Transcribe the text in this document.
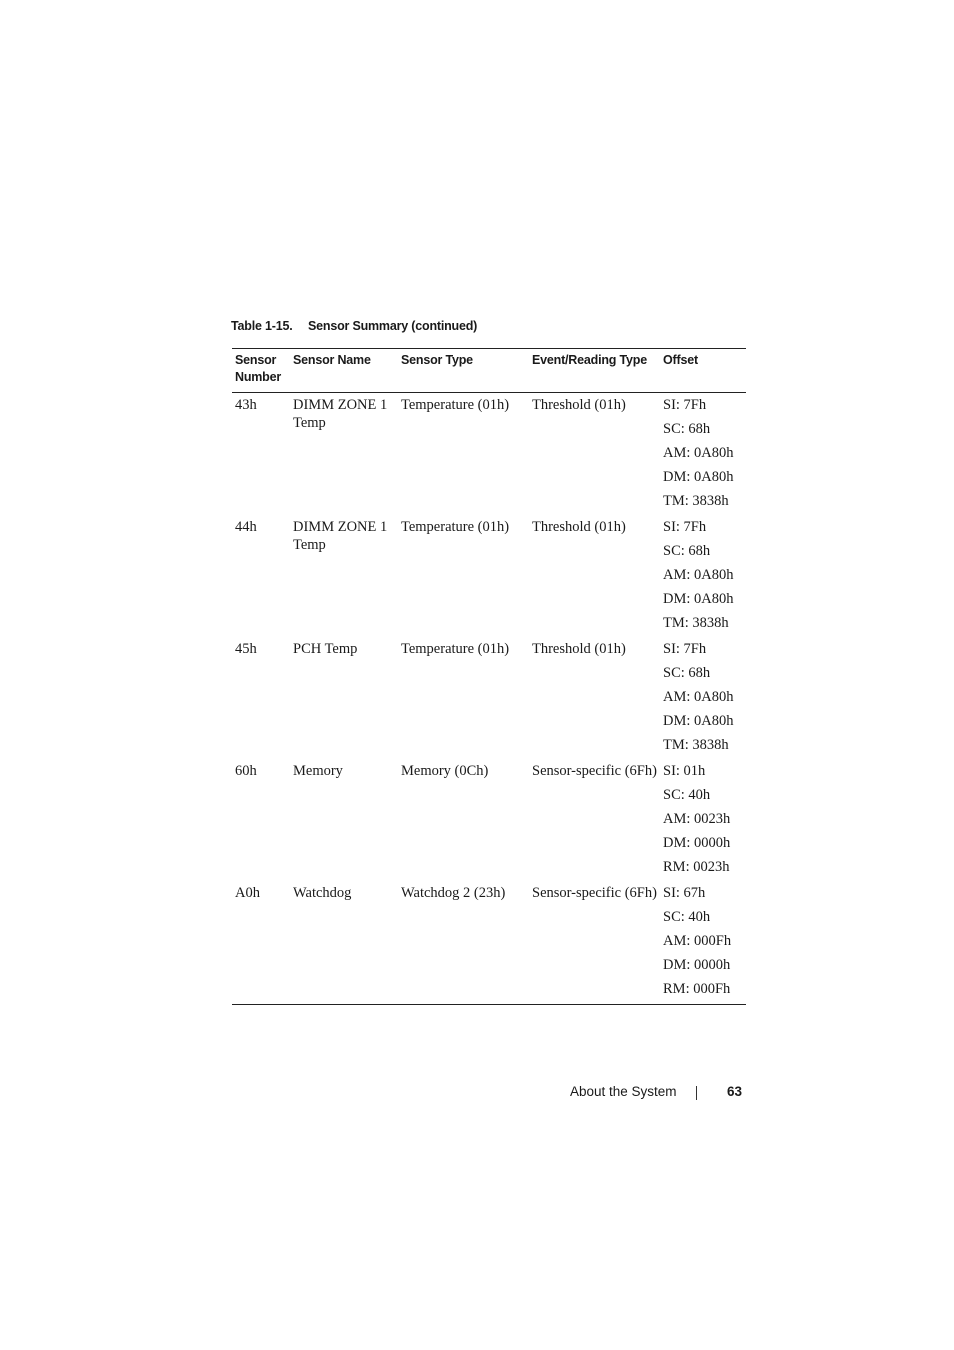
Table 1-15. Sensor Summary (continued)
Sensor
Number	Sensor Name	Sensor Type	Event/Reading Type	Offset
43h	DIMM ZONE 1 Temp	Temperature (01h)	Threshold (01h)	SI: 7Fh
SC: 68h
AM: 0A80h
DM: 0A80h
TM: 3838h

44h	DIMM ZONE 1 Temp	Temperature (01h)	Threshold (01h)	SI: 7Fh
SC: 68h
AM: 0A80h
DM: 0A80h
TM: 3838h

45h	PCH Temp	Temperature (01h)	Threshold (01h)	SI: 7Fh
SC: 68h
AM: 0A80h
DM: 0A80h
TM: 3838h

60h	Memory	Memory (0Ch)	Sensor-specific (6Fh)	SI: 01h
SC: 40h
AM: 0023h
DM: 0000h
RM: 0023h

A0h	Watchdog	Watchdog 2 (23h)	Sensor-specific (6Fh)	SI: 67h
SC: 40h
AM: 000Fh
DM: 0000h
RM: 000Fh
About the System	63
